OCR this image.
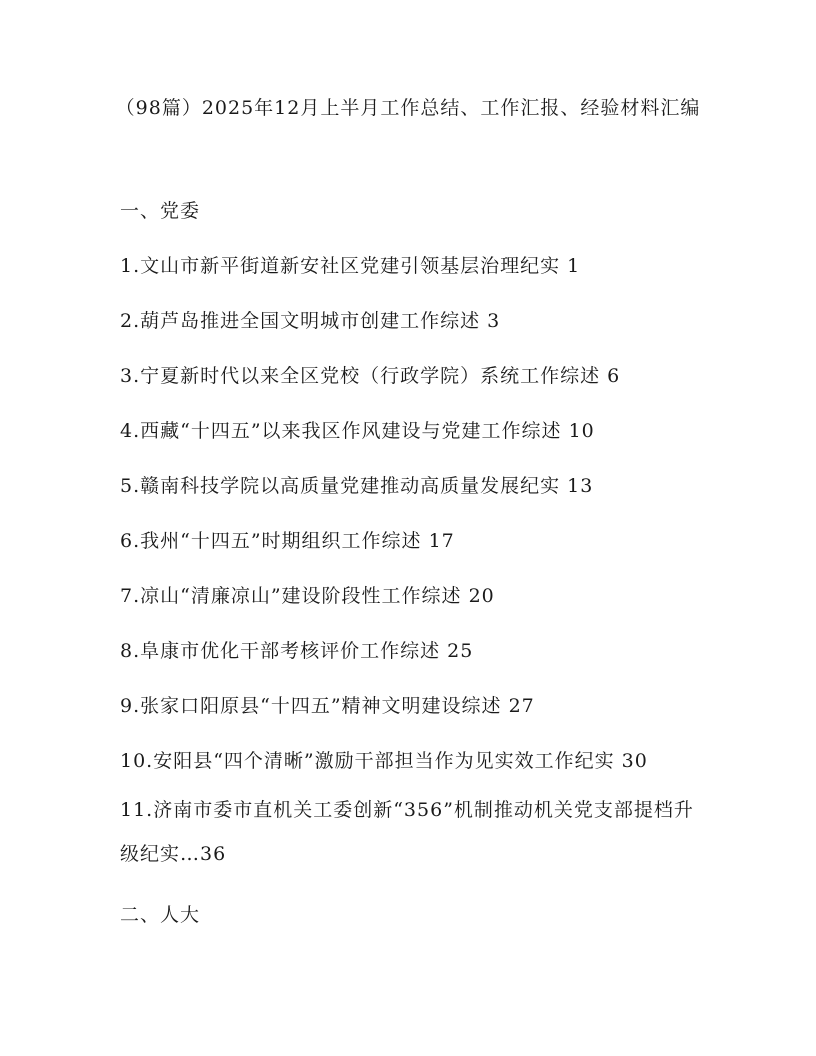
（98篇）2025年12月上半月工作总结、工作汇报、经验材料汇编
一、党委
1.文山市新平街道新安社区党建引领基层治理纪实 1
2.葫芦岛推进全国文明城市创建工作综述 3
3.宁夏新时代以来全区党校（行政学院）系统工作综述 6
4.西藏“十四五”以来我区作风建设与党建工作综述 10
5.赣南科技学院以高质量党建推动高质量发展纪实 13
6.我州“十四五”时期组织工作综述 17
7.凉山“清廉凉山”建设阶段性工作综述 20
8.阜康市优化干部考核评价工作综述 25
9.张家口阳原县“十四五”精神文明建设综述 27
10.安阳县“四个清晰”激励干部担当作为见实效工作纪实 30
11.济南市委市直机关工委创新“356”机制推动机关党支部提档升级纪实…36
二、人大
